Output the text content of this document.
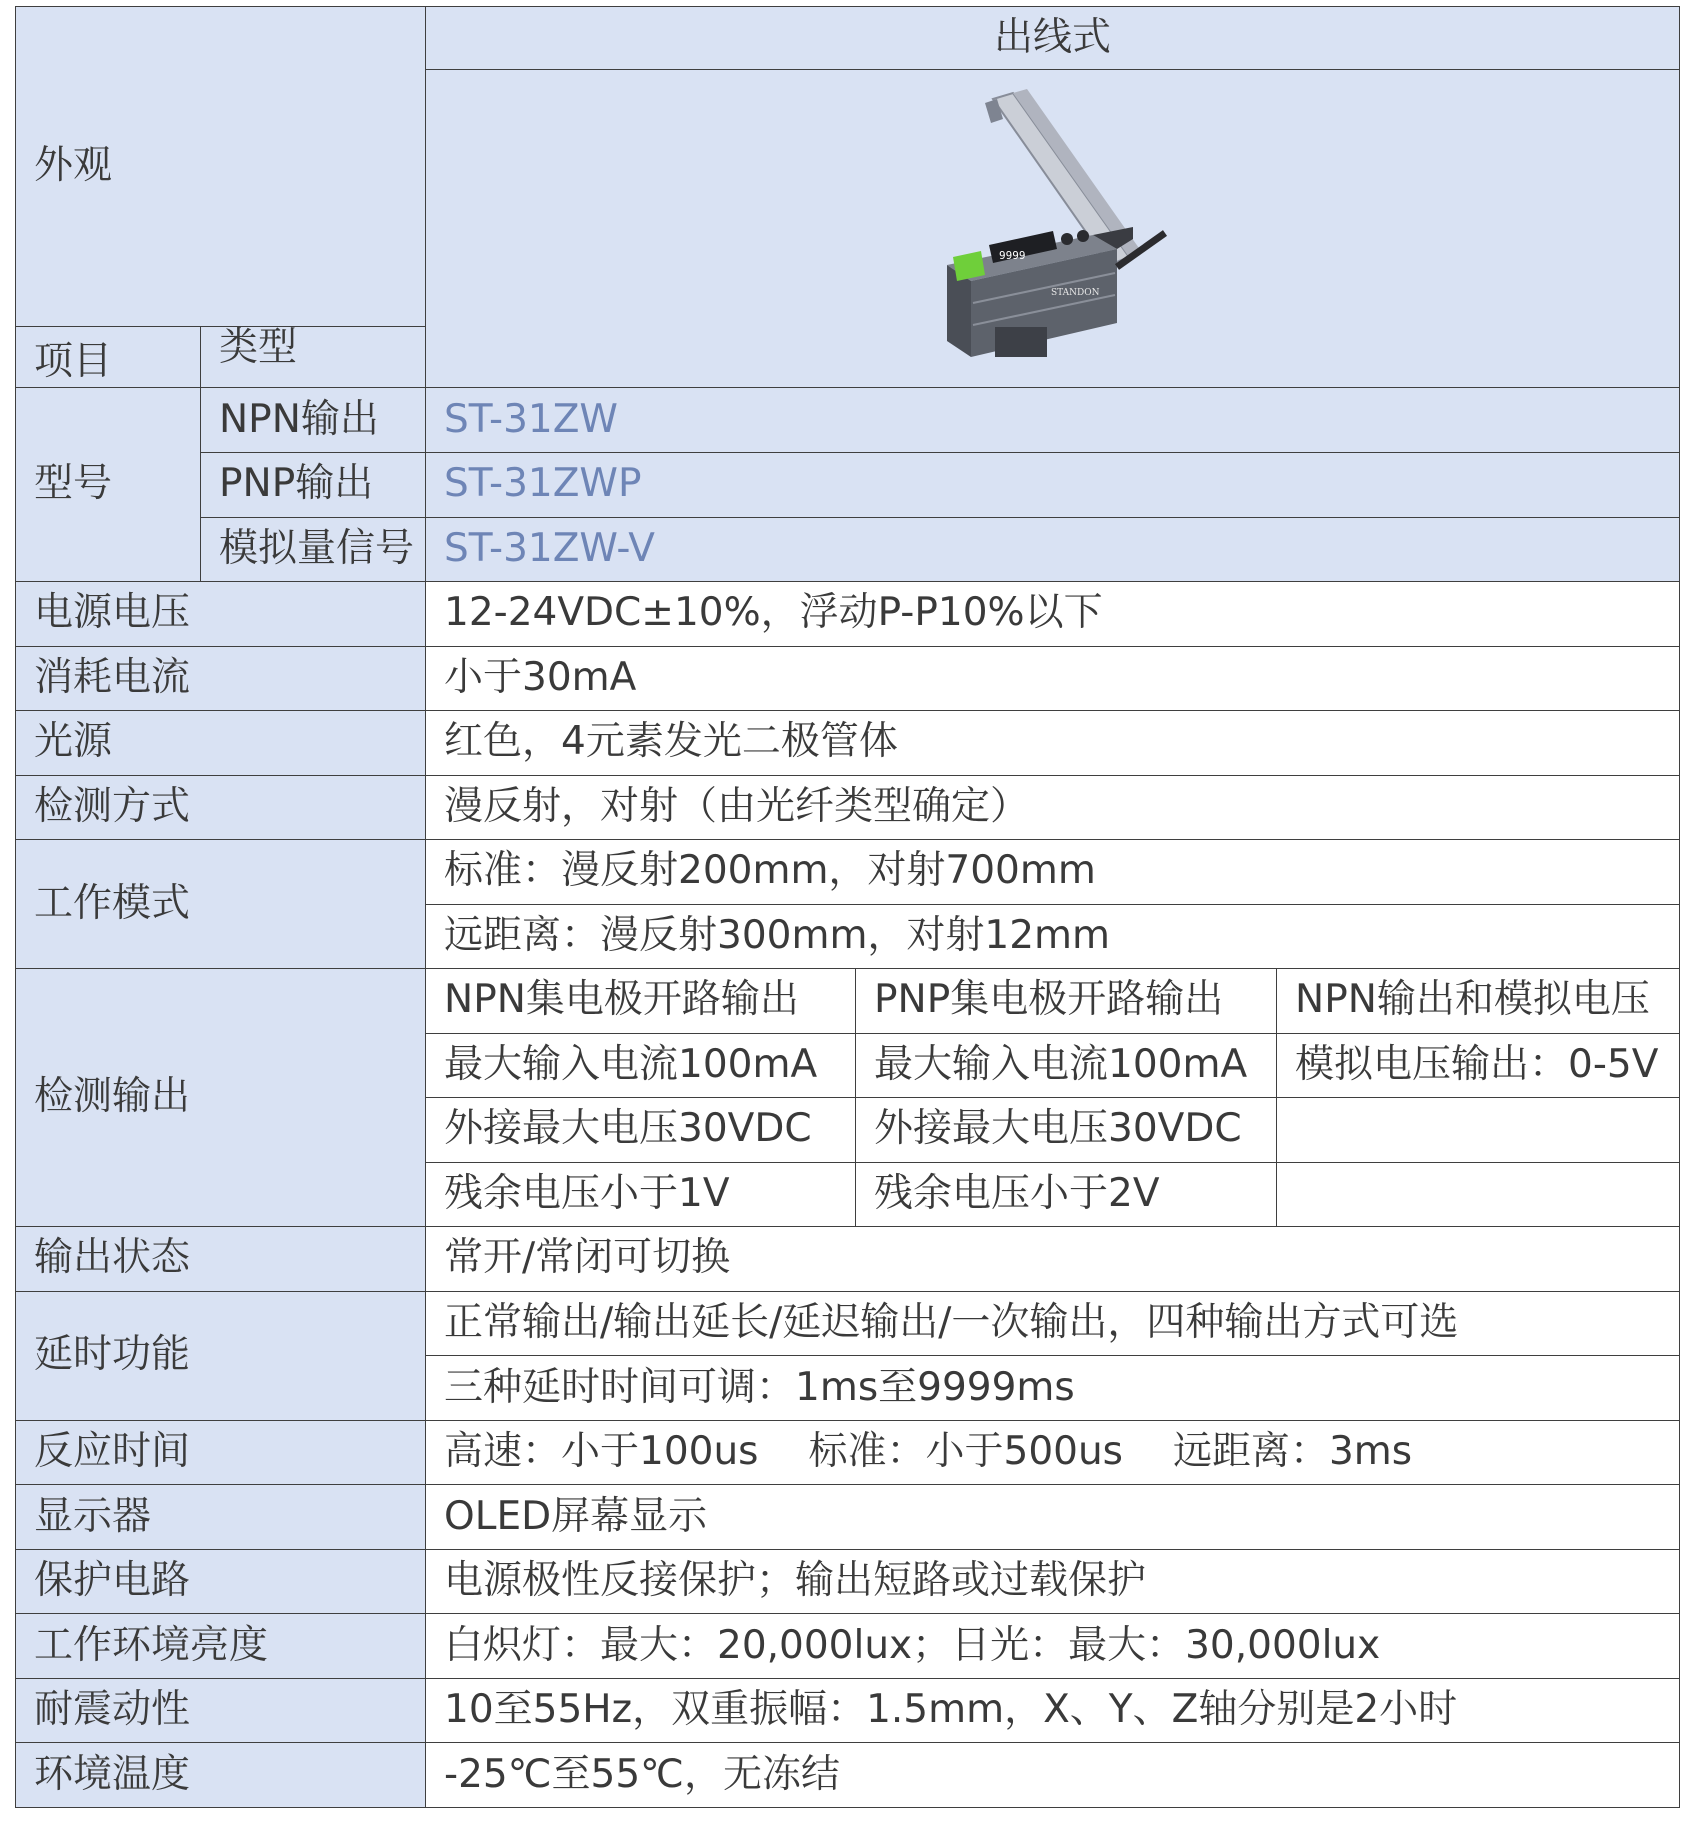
外观		出线式		

9999
STANDON		

项目	类型			
型号	NPN输出	ST-31ZW		
	PNP输出	ST-31ZWP		
	模拟量信号	ST-31ZW-V		
电源电压		12-24VDC±10%，浮动P-P10%以下		
消耗电流		小于30mA		
光源		红色，4元素发光二极管体		
检测方式		漫反射，对射（由光纤类型确定）		
工作模式		标准：漫反射200mm，对射700mm		
		远距离：漫反射300mm，对射12mm		
检测输出		NPN集电极开路输出	PNP集电极开路输出	NPN输出和模拟电压
		最大输入电流100mA	最大输入电流100mA	模拟电压输出：0-5V
		外接最大电压30VDC	外接最大电压30VDC	
		残余电压小于1V	残余电压小于2V	
输出状态		常开/常闭可切换		
延时功能		正常输出/输出延长/延迟输出/一次输出，四种输出方式可选		
		三种延时时间可调：1ms至9999ms		
反应时间		高速：小于100us 标准：小于500us 远距离：3ms		
显示器		OLED屏幕显示		
保护电路		电源极性反接保护；输出短路或过载保护		
工作环境亮度		白炽灯：最大：20,000lux；日光：最大：30,000lux		
耐震动性		10至55Hz，双重振幅：1.5mm，X、Y、Z轴分别是2小时		
环境温度		-25℃至55℃，无冻结		
